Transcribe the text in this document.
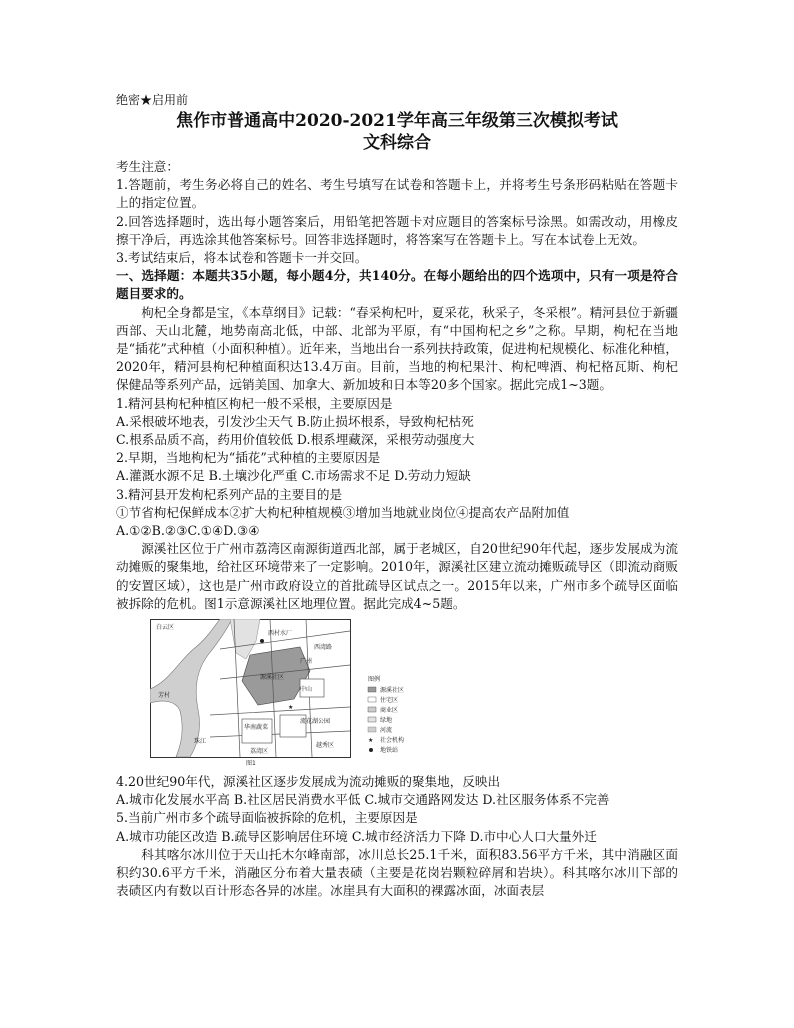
绝密★启用前
焦作市普通高中2020-2021学年高三年级第三次模拟考试
文科综合

考生注意：

1.答题前，考生务必将自己的姓名、考生号填写在试卷和答题卡上，并将考生号条形码粘贴在答题卡上的指定位置。

2.回答选择题时，选出每小题答案后，用铅笔把答题卡对应题目的答案标号涂黑。如需改动，用橡皮擦干净后，再选涂其他答案标号。回答非选择题时，将答案写在答题卡上。写在本试卷上无效。

3.考试结束后，将本试卷和答题卡一并交回。

一、选择题：本题共35小题，每小题4分，共140分。在每小题给出的四个选项中，只有一项是符合题目要求的。

枸杞全身都是宝，《本草纲目》记载：“春采枸杞叶，夏采花，秋采子，冬采根”。精河县位于新疆西部、天山北麓，地势南高北低，中部、北部为平原，有“中国枸杞之乡”之称。早期，枸杞在当地是“插花”式种植（小面积种植）。近年来，当地出台一系列扶持政策，促进枸杞规模化、标准化种植，2020年，精河县枸杞种植面积达13.4万亩。目前，当地的枸杞果汁、枸杞啤酒、枸杞格瓦斯、枸杞保健品等系列产品，远销美国、加拿大、新加坡和日本等20多个国家。据此完成1~3题。

1.精河县枸杞种植区枸杞一般不采根，主要原因是

A.采根破坏地表，引发沙尘天气 B.防止损坏根系，导致枸杞枯死

C.根系品质不高，药用价值较低 D.根系埋藏深，采根劳动强度大

2.早期，当地枸杞为“插花”式种植的主要原因是

A.灌溉水源不足 B.土壤沙化严重 C.市场需求不足 D.劳动力短缺

3.精河县开发枸杞系列产品的主要目的是

①节省枸杞保鲜成本②扩大枸杞种植规模③增加当地就业岗位④提高农产品附加值

A.①②B.②③C.①④D.③④

源溪社区位于广州市荔湾区南源街道西北部，属于老城区，自20世纪90年代起，逐步发展成为流动摊贩的聚集地，给社区环境带来了一定影响。2010年，源溪社区建立流动摊贩疏导区（即流动商贩的安置区域），这也是广州市政府设立的首批疏导区试点之一。2015年以来，广州市多个疏导区面临被拆除的危机。图1示意源溪社区地理位置。据此完成4~5题。

白云区
西村水厂
芳村
广州
珠江
华南蔬菜
源溪社区
西湾路
中山
流花湖公园
荔湾区
越秀区
★
图例
源溪社区
住宅区
商业区
绿地
河流
★ 社会机构
地铁站
图1

4.20世纪90年代，源溪社区逐步发展成为流动摊贩的聚集地，反映出

A.城市化发展水平高 B.社区居民消费水平低 C.城市交通路网发达 D.社区服务体系不完善

5.当前广州市多个疏导面临被拆除的危机，主要原因是

A.城市功能区改造 B.疏导区影响居住环境 C.城市经济活力下降 D.市中心人口大量外迁

科其喀尔冰川位于天山托木尔峰南部，冰川总长25.1千米，面积83.56平方千米，其中消融区面积约30.6平方千米，消融区分布着大量表碛（主要是花岗岩颗粒碎屑和岩块）。科其喀尔冰川下部的表碛区内有数以百计形态各异的冰崖。冰崖具有大面积的裸露冰面，冰面表层
